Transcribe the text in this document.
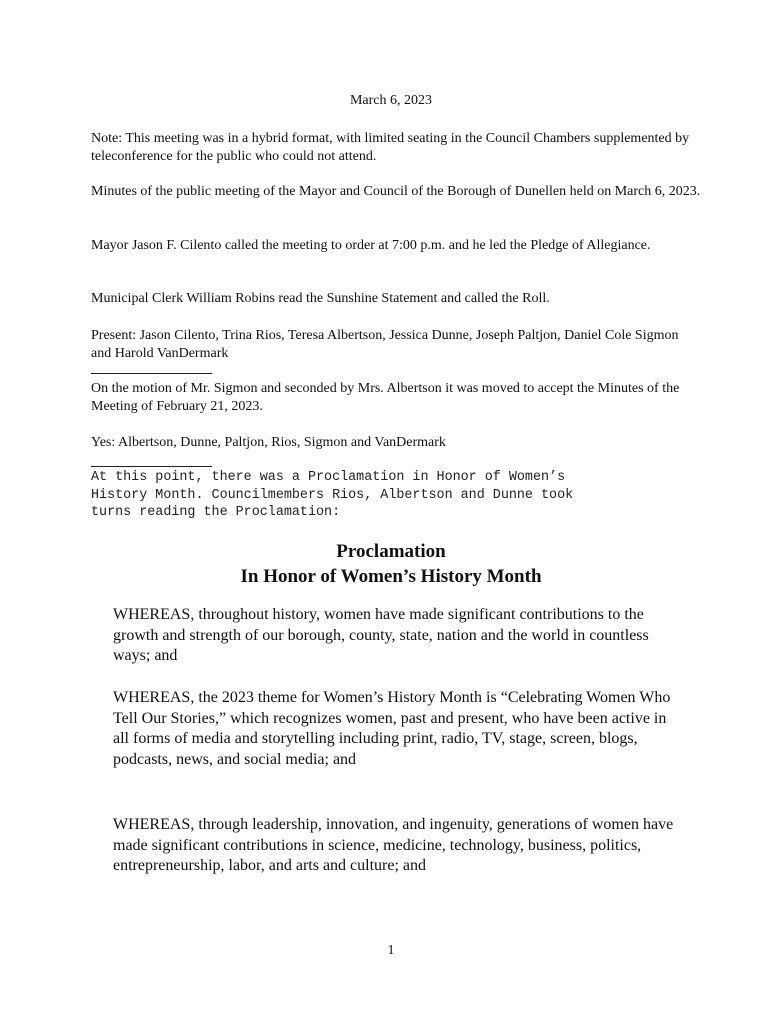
March 6, 2023

Note: This meeting was in a hybrid format, with limited seating in the Council Chambers supplemented by teleconference for the public who could not attend.

Minutes of the public meeting of the Mayor and Council of the Borough of Dunellen held on March 6, 2023.

Mayor Jason F. Cilento called the meeting to order at 7:00 p.m. and he led the Pledge of Allegiance.

Municipal Clerk William Robins read the Sunshine Statement and called the Roll.

Present: Jason Cilento, Trina Rios, Teresa Albertson, Jessica Dunne, Joseph Paltjon, Daniel Cole Sigmon and Harold VanDermark

On the motion of Mr. Sigmon and seconded by Mrs. Albertson it was moved to accept the Minutes of the Meeting of February 21, 2023.

Yes: Albertson, Dunne, Paltjon, Rios, Sigmon and VanDermark

At this point, there was a Proclamation in Honor of Women’s
History Month. Councilmembers Rios, Albertson and Dunne took
turns reading the Proclamation:

Proclamation
In Honor of Women’s History Month

WHEREAS, throughout history, women have made significant contributions to the growth and strength of our borough, county, state, nation and the world in countless ways; and

WHEREAS, the 2023 theme for Women’s History Month is “Celebrating Women Who Tell Our Stories,” which recognizes women, past and present, who have been active in all forms of media and storytelling including print, radio, TV, stage, screen, blogs, podcasts, news, and social media; and

WHEREAS, through leadership, innovation, and ingenuity, generations of women have made significant contributions in science, medicine, technology, business, politics, entrepreneurship, labor, and arts and culture; and

1
